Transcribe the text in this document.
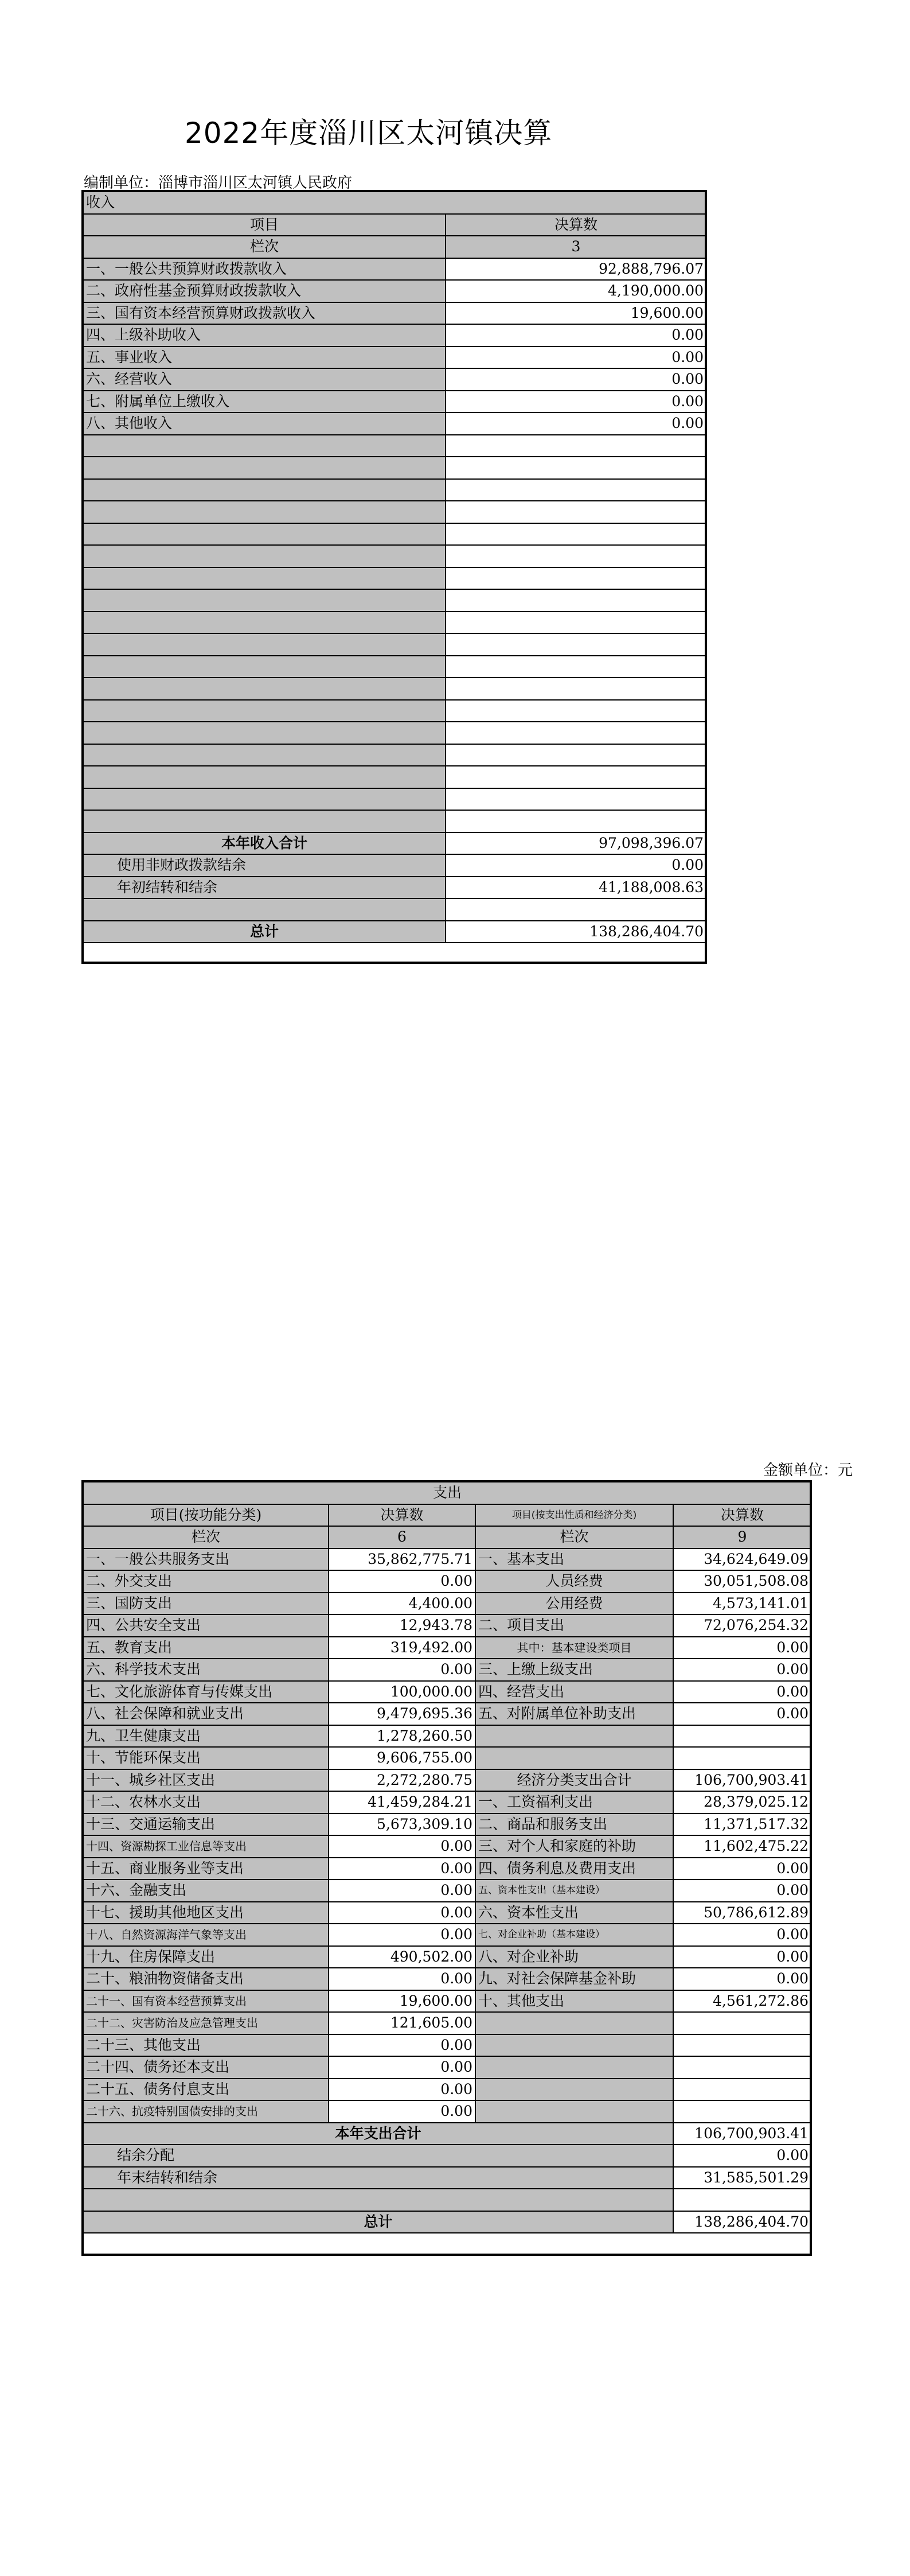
2022年度淄川区太河镇决算
编制单位：淄博市淄川区太河镇人民政府
收入	
项目	决算数
栏次	3
一、一般公共预算财政拨款收入	92,888,796.07
二、政府性基金预算财政拨款收入	4,190,000.00
三、国有资本经营预算财政拨款收入	19,600.00
四、上级补助收入	0.00
五、事业收入	0.00
六、经营收入	0.00
七、附属单位上缴收入	0.00
八、其他收入	0.00

本年收入合计	97,098,396.07
使用非财政拨款结余	0.00
年初结转和结余	41,188,008.63

总计	138,286,404.70
金额单位：元
支出			
项目(按功能分类)	决算数	项目(按支出性质和经济分类)	决算数
栏次	6	栏次	9
一、一般公共服务支出	35,862,775.71	一、基本支出	34,624,649.09
二、外交支出	0.00	人员经费	30,051,508.08
三、国防支出	4,400.00	公用经费	4,573,141.01
四、公共安全支出	12,943.78	二、项目支出	72,076,254.32
五、教育支出	319,492.00	其中：基本建设类项目	0.00
六、科学技术支出	0.00	三、上缴上级支出	0.00
七、文化旅游体育与传媒支出	100,000.00	四、经营支出	0.00
八、社会保障和就业支出	9,479,695.36	五、对附属单位补助支出	0.00
九、卫生健康支出	1,278,260.50		
十、节能环保支出	9,606,755.00		
十一、城乡社区支出	2,272,280.75	经济分类支出合计	106,700,903.41
十二、农林水支出	41,459,284.21	一、工资福利支出	28,379,025.12
十三、交通运输支出	5,673,309.10	二、商品和服务支出	11,371,517.32
十四、资源勘探工业信息等支出	0.00	三、对个人和家庭的补助	11,602,475.22
十五、商业服务业等支出	0.00	四、债务利息及费用支出	0.00
十六、金融支出	0.00	五、资本性支出（基本建设）	0.00
十七、援助其他地区支出	0.00	六、资本性支出	50,786,612.89
十八、自然资源海洋气象等支出	0.00	七、对企业补助（基本建设）	0.00
十九、住房保障支出	490,502.00	八、对企业补助	0.00
二十、粮油物资储备支出	0.00	九、对社会保障基金补助	0.00
二十一、国有资本经营预算支出	19,600.00	十、其他支出	4,561,272.86
二十二、灾害防治及应急管理支出	121,605.00		
二十三、其他支出	0.00		
二十四、债务还本支出	0.00		
二十五、债务付息支出	0.00		
二十六、抗疫特别国债安排的支出	0.00		
本年支出合计			106,700,903.41
结余分配			0.00
年末结转和结余			31,585,501.29

总计			138,286,404.70
